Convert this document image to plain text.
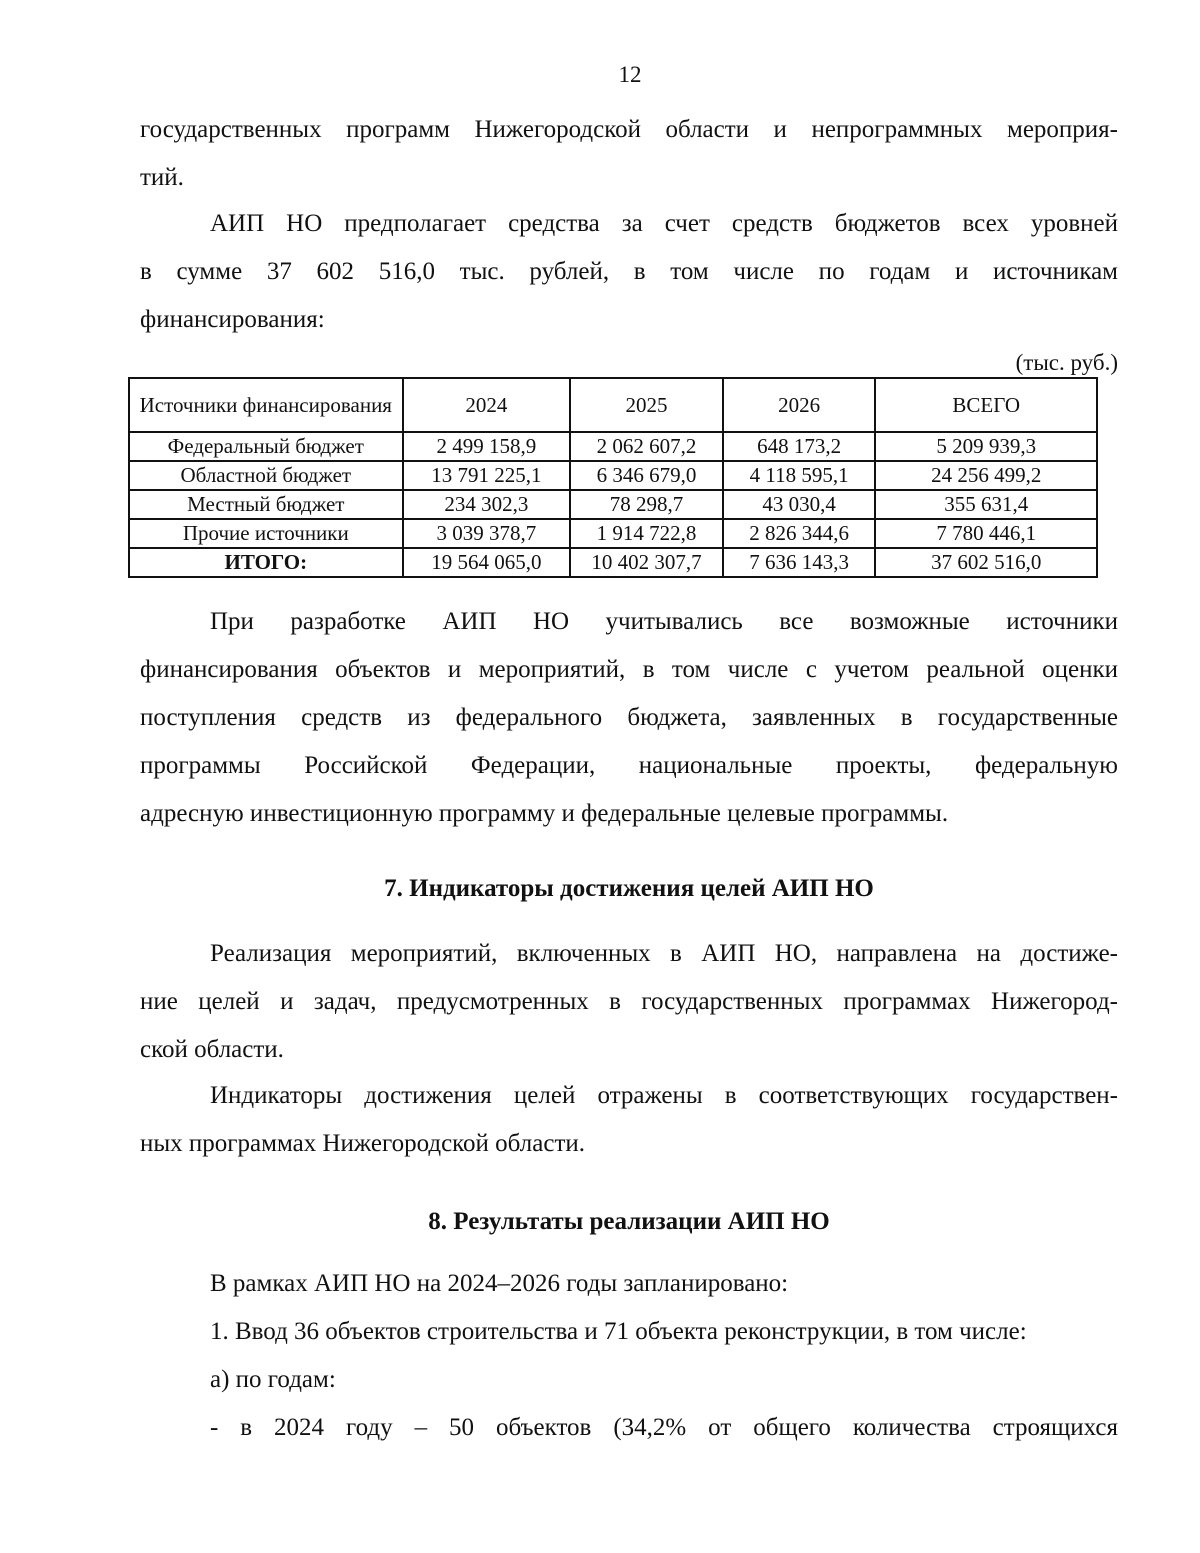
12
государственных программ Нижегородской области и непрограммных мероприя-
тий.
АИП НО предполагает средства за счет средств бюджетов всех уровней
в сумме 37 602 516,0 тыс. рублей, в том числе по годам и источникам
финансирования:
(тыс. руб.)
Источники финансирования	2024	2025	2026	ВСЕГО
Федеральный бюджет	2 499 158,9	2 062 607,2	648 173,2	5 209 939,3
Областной бюджет	13 791 225,1	6 346 679,0	4 118 595,1	24 256 499,2
Местный бюджет	234 302,3	78 298,7	43 030,4	355 631,4
Прочие источники	3 039 378,7	1 914 722,8	2 826 344,6	7 780 446,1
ИТОГО:	19 564 065,0	10 402 307,7	7 636 143,3	37 602 516,0
При разработке АИП НО учитывались все возможные источники
финансирования объектов и мероприятий, в том числе с учетом реальной оценки
поступления средств из федерального бюджета, заявленных в государственные
программы Российской Федерации, национальные проекты, федеральную
адресную инвестиционную программу и федеральные целевые программы.
7. Индикаторы достижения целей АИП НО
Реализация мероприятий, включенных в АИП НО, направлена на достиже-
ние целей и задач, предусмотренных в государственных программах Нижегород-
ской области.
Индикаторы достижения целей отражены в соответствующих государствен-
ных программах Нижегородской области.
8. Результаты реализации АИП НО
В рамках АИП НО на 2024–2026 годы запланировано:
1. Ввод 36 объектов строительства и 71 объекта реконструкции, в том числе:
а) по годам:
- в 2024 году – 50 объектов (34,2% от общего количества строящихся
